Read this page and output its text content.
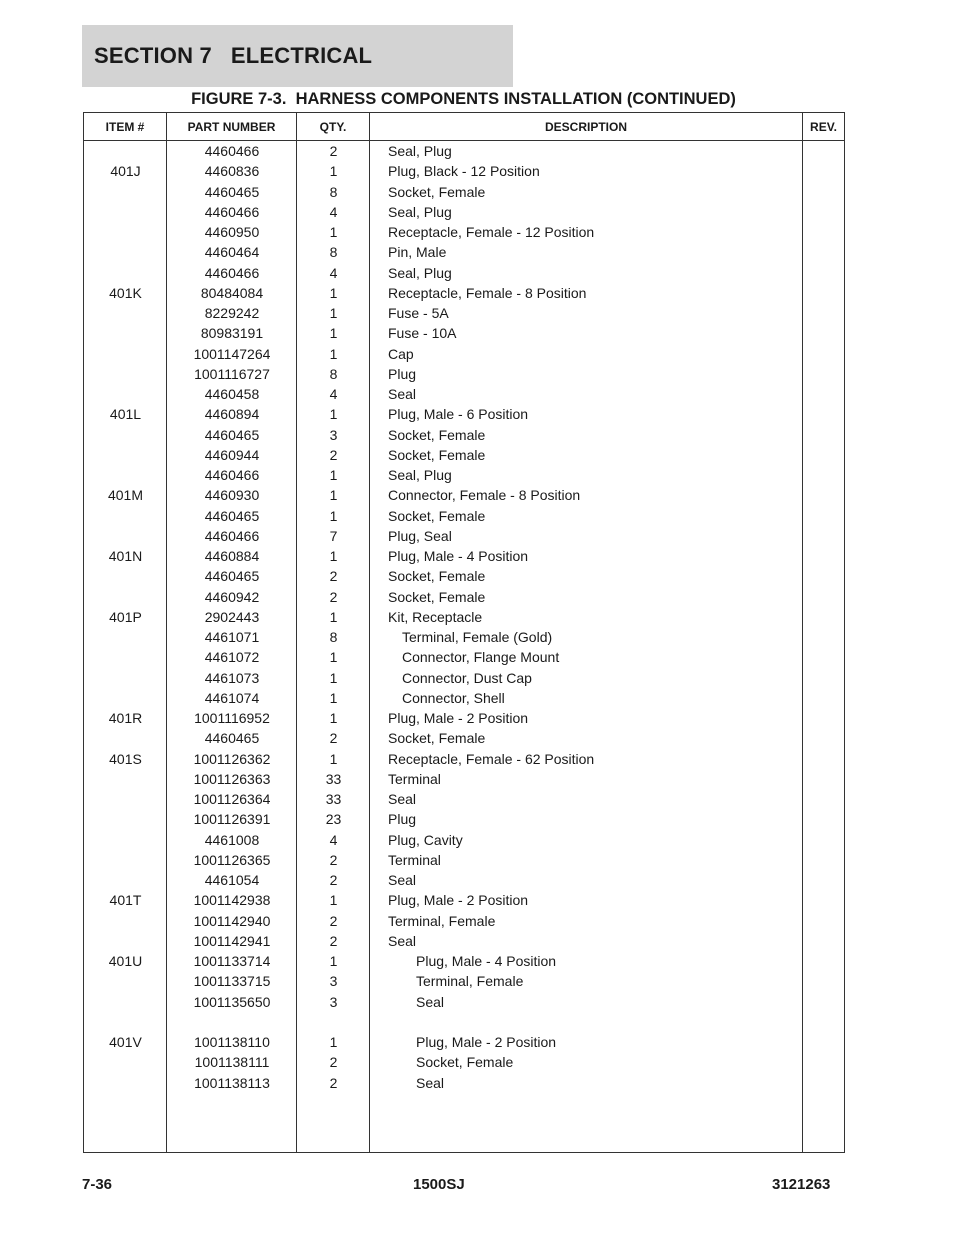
SECTION 7   ELECTRICAL
FIGURE 7-3.  HARNESS COMPONENTS INSTALLATION (CONTINUED)
ITEM #	PART NUMBER	QTY.	DESCRIPTION	REV.
4460466	2	Seal, Plug
401J	4460836	1	Plug, Black - 12 Position
4460465	8	Socket, Female
4460466	4	Seal, Plug
4460950	1	Receptacle, Female - 12 Position
4460464	8	Pin, Male
4460466	4	Seal, Plug
401K	80484084	1	Receptacle, Female - 8 Position
8229242	1	Fuse - 5A
80983191	1	Fuse - 10A
1001147264	1	Cap
1001116727	8	Plug
4460458	4	Seal
401L	4460894	1	Plug, Male - 6 Position
4460465	3	Socket, Female
4460944	2	Socket, Female
4460466	1	Seal, Plug
401M	4460930	1	Connector, Female - 8 Position
4460465	1	Socket, Female
4460466	7	Plug, Seal
401N	4460884	1	Plug, Male - 4 Position
4460465	2	Socket, Female
4460942	2	Socket, Female
401P	2902443	1	Kit, Receptacle
4461071	8	Terminal, Female (Gold)
4461072	1	Connector, Flange Mount
4461073	1	Connector, Dust Cap
4461074	1	Connector, Shell
401R	1001116952	1	Plug, Male - 2 Position
4460465	2	Socket, Female
401S	1001126362	1	Receptacle, Female - 62 Position
1001126363	33	Terminal
1001126364	33	Seal
1001126391	23	Plug
4461008	4	Plug, Cavity
1001126365	2	Terminal
4461054	2	Seal
401T	1001142938	1	Plug, Male - 2 Position
1001142940	2	Terminal, Female
1001142941	2	Seal
401U	1001133714	1	Plug, Male - 4 Position
1001133715	3	Terminal, Female
1001135650	3	Seal
401V	1001138110	1	Plug, Male - 2 Position
1001138111	2	Socket, Female
1001138113	2	Seal
7-36	1500SJ	3121263
